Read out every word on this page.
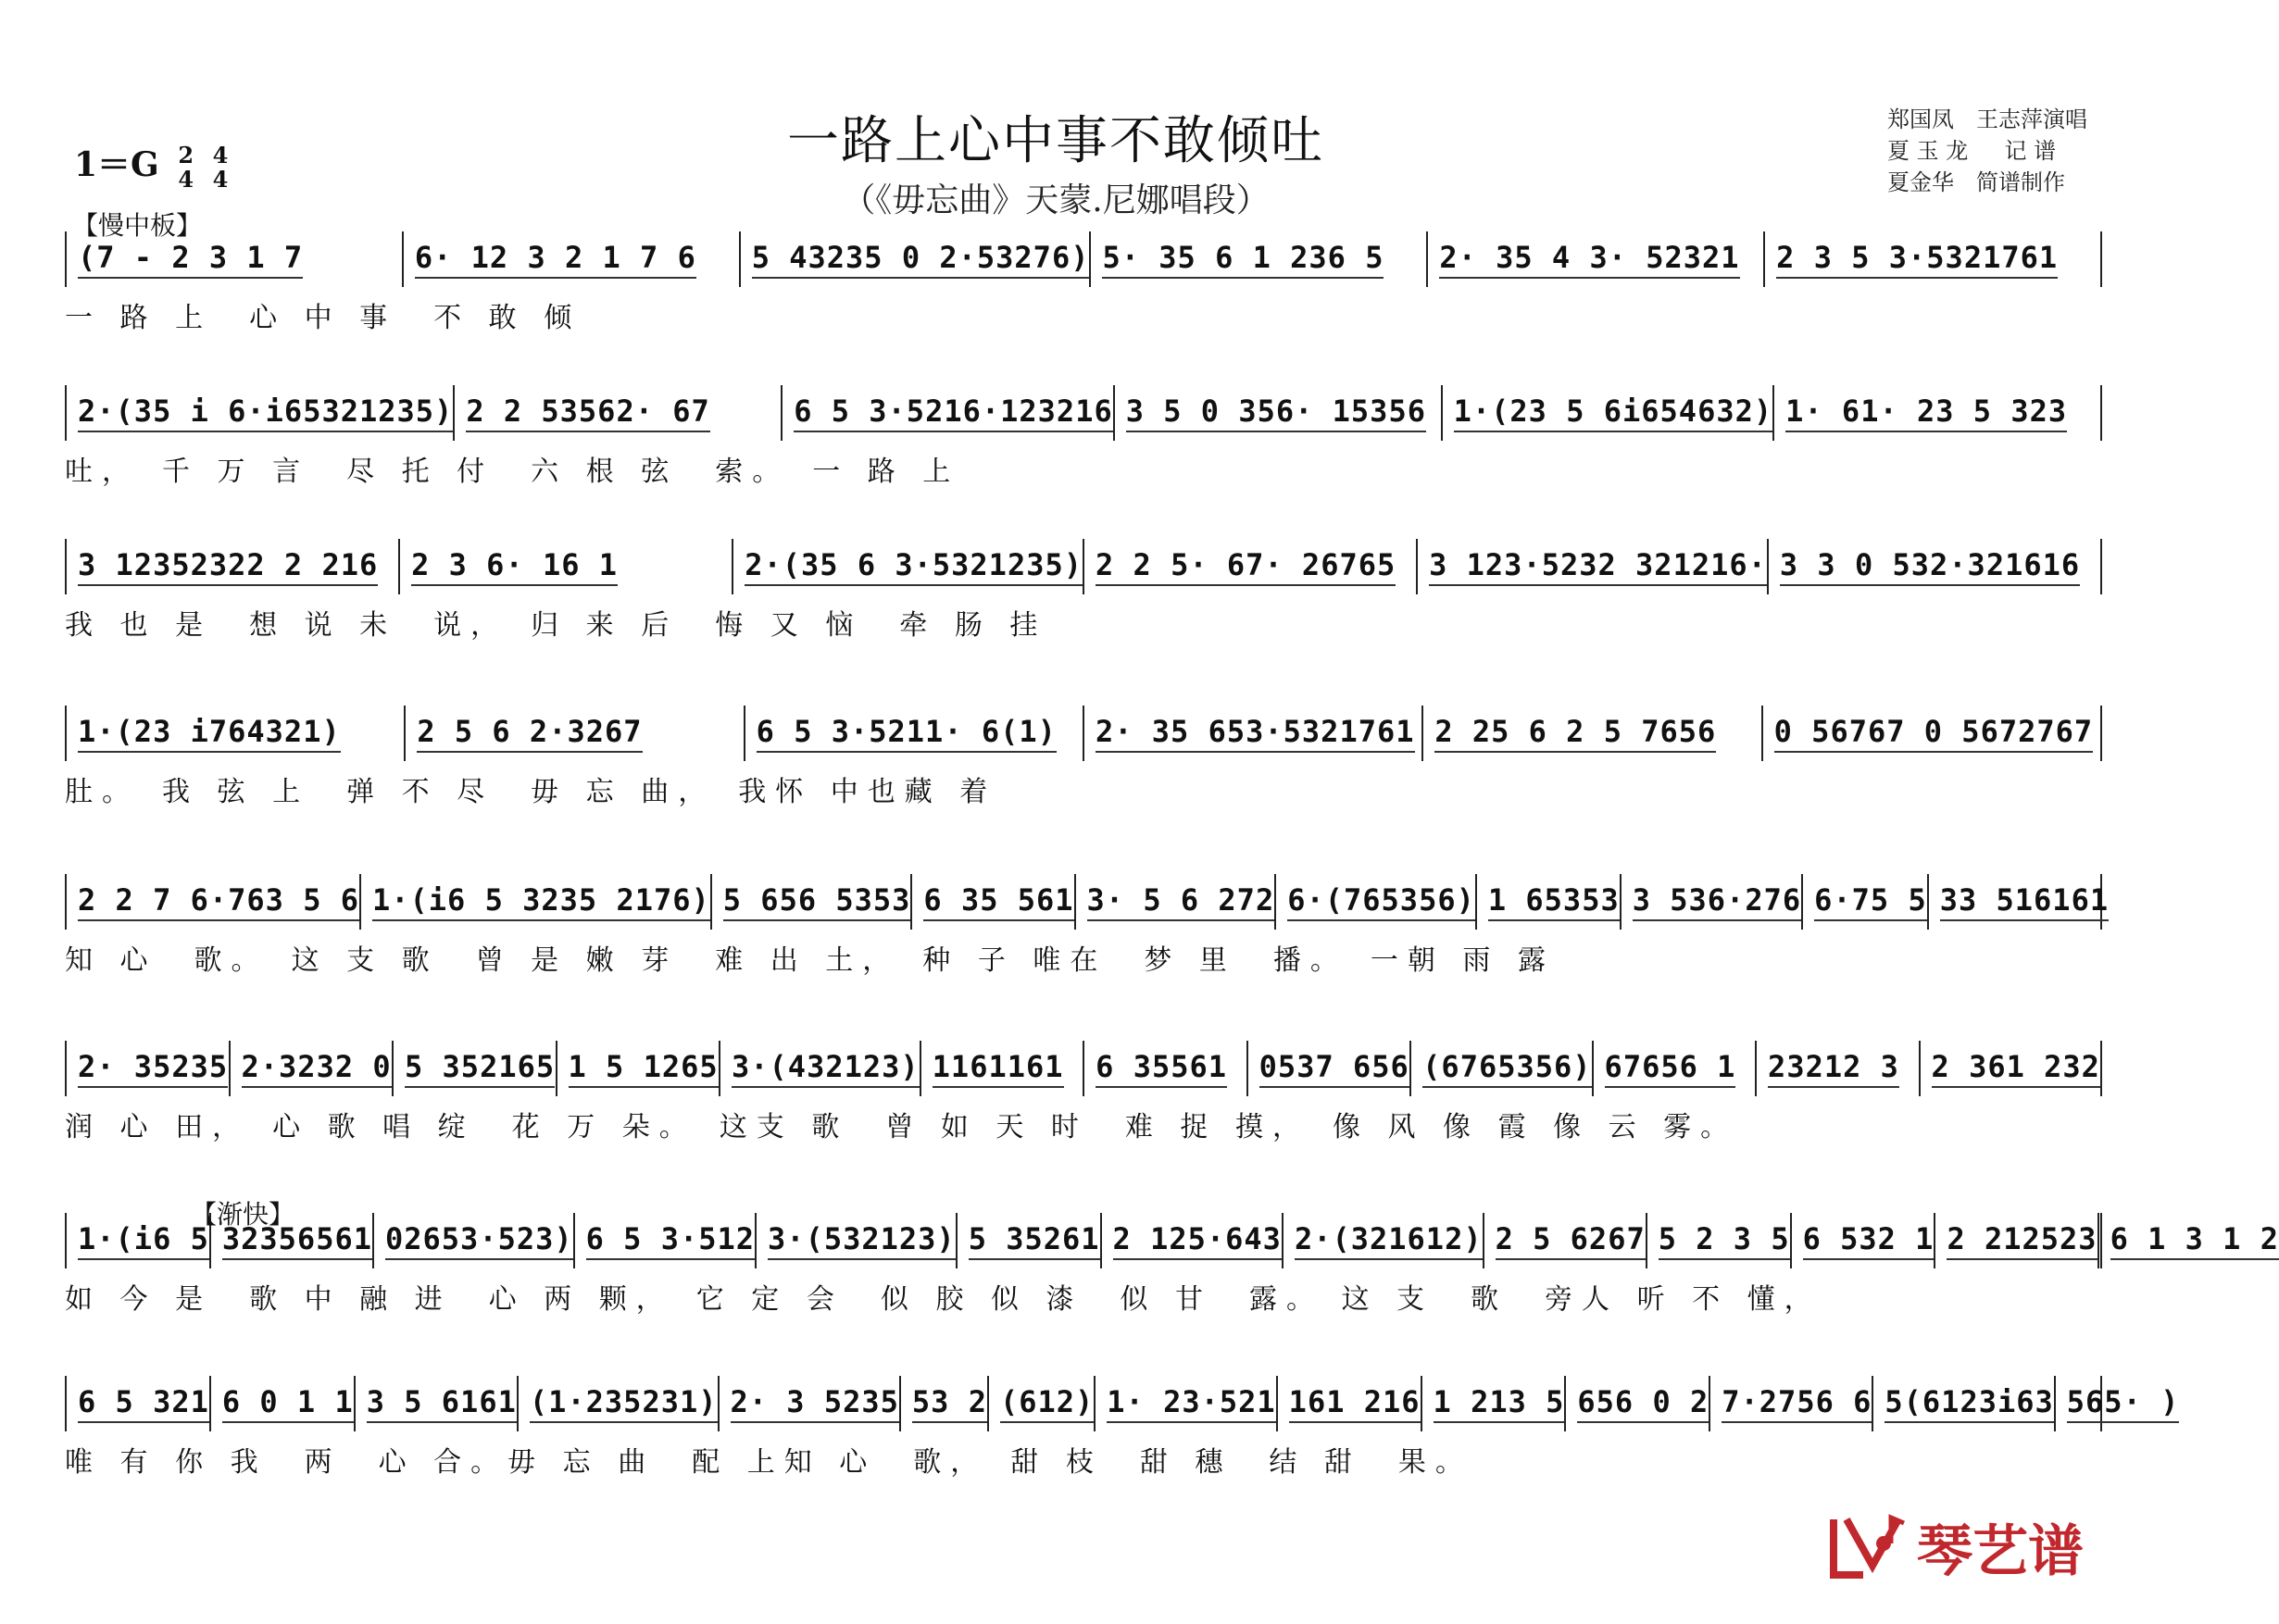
一路上心中事不敢倾吐
（《毋忘曲》天蒙.尼娜唱段）
1＝G 2
4

4
4
【慢中板】
郑国凤　王志萍演唱
夏 玉 龙 　 记 谱
夏金华　简谱制作
(7 - 2 3 1 7	6· 12 3 2 1 7 6 5 43235 0 2·53276) 5· 35 6 1 236 5 2· 35 4 3· 52321 2 3 5 3·5321761
一 路 上　心 中 事　不 敢 倾
2·(35 i 6·i65321235) 2 2 53562· 67	6 5 3·5216·123216 3 5 0 356· 15356 1·(23 5 6i654632) 1· 61· 23 5 323
吐，　千 万 言　尽 托 付　六 根 弦　索。　一 路 上
3 12352322 2 216 2 3 6· 16 1	2·(35 6 3·5321235) 2 2 5· 67· 26765 3 123·5232 321216· 3 3 0 532·321616
我 也 是　想 说 未　说，　归 来 后　悔 又 恼　牵 肠 挂
1·(23 i764321)	2 5 6 2·3267	6 5 3·5211· 6(1) 2· 35 653·5321761 2 25 6 2 5 7656 0 56767 0 5672767
肚。　我 弦 上　弹 不 尽　毋 忘 曲，　我怀 中也藏 着
2 2 7 6·763 5 6 1·(i6 5 3235 2176) 5 656 5353 6 35 561 3· 5 6 272 6·(765356) 1 65353 3 536·276 6·75 5 33 516161
知 心　歌。　这 支 歌　曾 是 嫩 芽　难 出 土，　种 子 唯在　梦 里　播。　一朝 雨 露
2· 35235 2·3232 0 5 352165 1 5 1265 3·(432123) 1161161 6 35561 0537 656 (6765356) 67656 1 23212 3 2 361 232
润 心 田，　心 歌 唱 绽　花 万 朵。　这支 歌　曾 如 天 时　难 捉 摸，　像 风 像 霞 像 云 雾。
1·(i6 5 32356561 02653·523) 6 5 3·512 3·(532123) 5 35261 2 125·643 2·(321612) 2 5 6267 5 2 3 5 6 532 1 2 212523 6 1 3 1 2
如 今 是　歌 中 融 进　心 两 颗，　它 定 会　似 胶 似 漆　似 甘　露。 这 支　歌　旁人 听 不 懂，
6 5 321 6 0 1 1 3 5 6161 (1·235231) 2· 3 5235 53 2 (612) 1· 23·521 161 216 1 213 5 656 0 2 7·2756 6 5(6123i63 565· )
唯 有 你 我　两　心 合。毋 忘 曲　配 上知 心　歌，　甜 枝　甜 穗　结 甜　果。
【渐快】
琴艺谱
